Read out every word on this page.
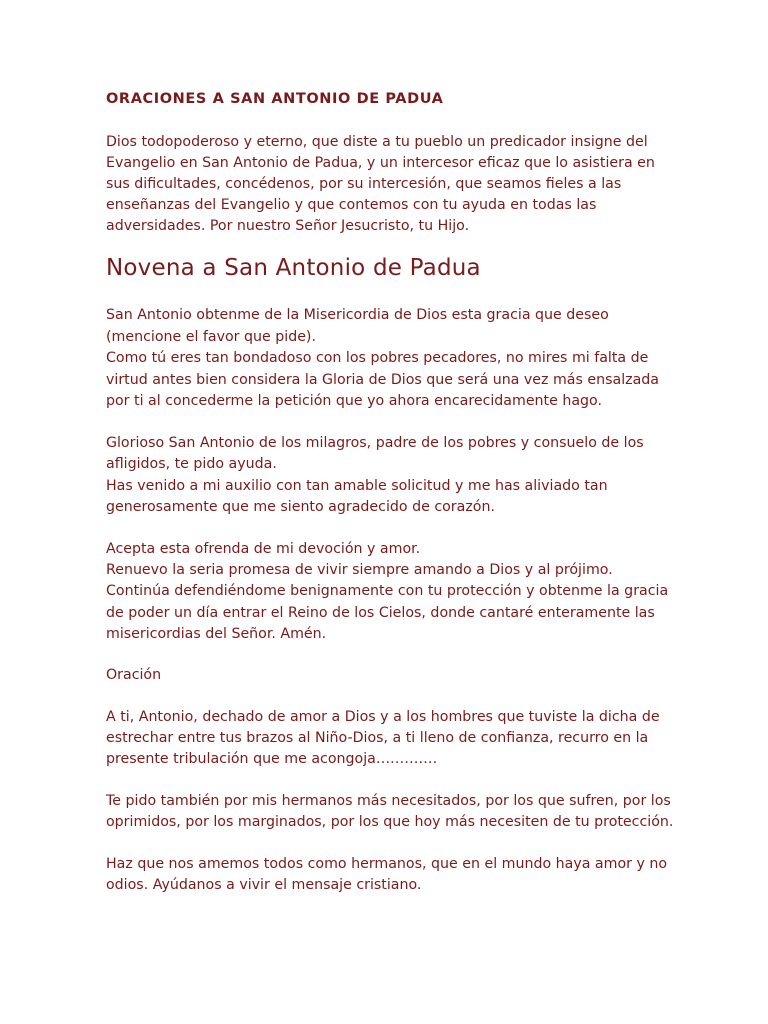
ORACIONES A SAN ANTONIO DE PADUA
Dios todopoderoso y eterno, que diste a tu pueblo un predicador insigne del
Evangelio en San Antonio de Padua, y un intercesor eficaz que lo asistiera en
sus dificultades, concédenos, por su intercesión, que seamos fieles a las
enseñanzas del Evangelio y que contemos con tu ayuda en todas las
adversidades. Por nuestro Señor Jesucristo, tu Hijo.
Novena a San Antonio de Padua
San Antonio obtenme de la Misericordia de Dios esta gracia que deseo
(mencione el favor que pide).
Como tú eres tan bondadoso con los pobres pecadores, no mires mi falta de
virtud antes bien considera la Gloria de Dios que será una vez más ensalzada
por ti al concederme la petición que yo ahora encarecidamente hago.
Glorioso San Antonio de los milagros, padre de los pobres y consuelo de los
afligidos, te pido ayuda.
Has venido a mi auxilio con tan amable solicitud y me has aliviado tan
generosamente que me siento agradecido de corazón.
Acepta esta ofrenda de mi devoción y amor.
Renuevo la seria promesa de vivir siempre amando a Dios y al prójimo.
Continúa defendiéndome benignamente con tu protección y obtenme la gracia
de poder un día entrar el Reino de los Cielos, donde cantaré enteramente las
misericordias del Señor. Amén.
Oración
A ti, Antonio, dechado de amor a Dios y a los hombres que tuviste la dicha de
estrechar entre tus brazos al Niño-Dios, a ti lleno de confianza, recurro en la
presente tribulación que me acongoja………….
Te pido también por mis hermanos más necesitados, por los que sufren, por los
oprimidos, por los marginados, por los que hoy más necesiten de tu protección.
Haz que nos amemos todos como hermanos, que en el mundo haya amor y no
odios. Ayúdanos a vivir el mensaje cristiano.
